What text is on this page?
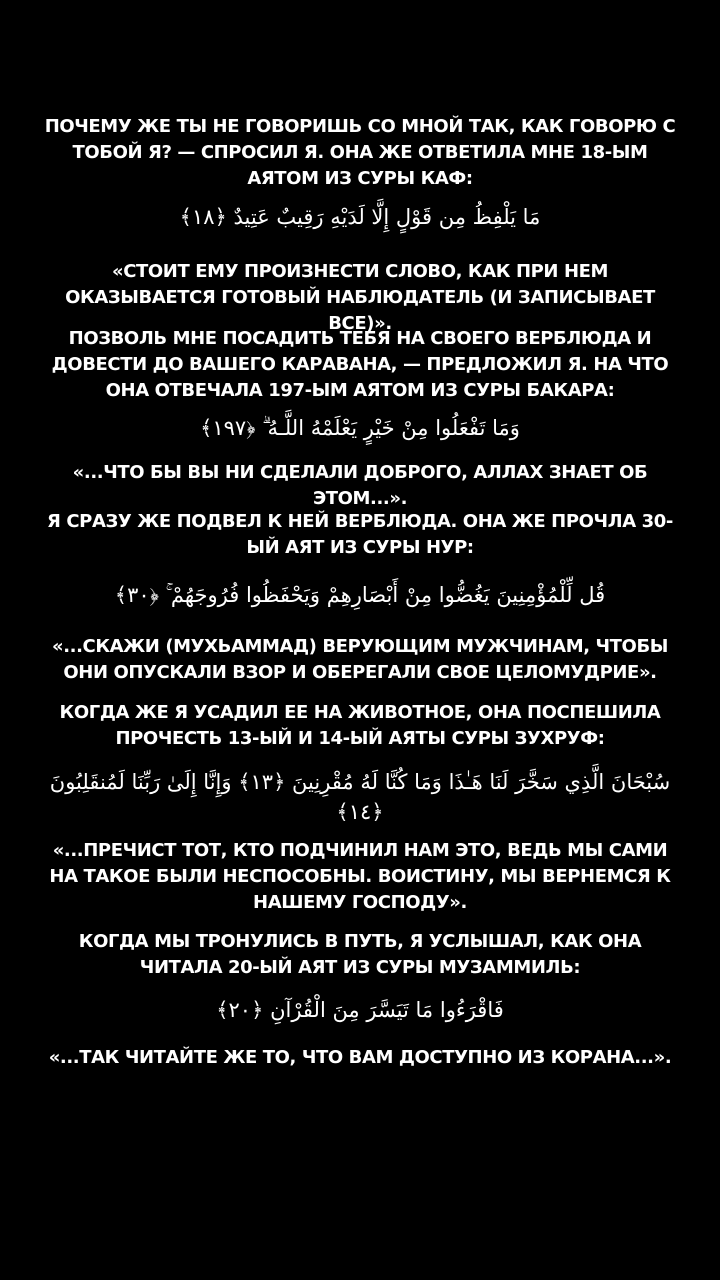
ПОЧЕМУ ЖЕ ТЫ НЕ ГОВОРИШЬ СО МНОЙ ТАК, КАК ГОВОРЮ С ТОБОЙ Я? — СПРОСИЛ Я. ОНА ЖЕ ОТВЕТИЛА МНЕ 18-ЫМ АЯТОМ ИЗ СУРЫ КАФ:

مَا يَلْفِظُ مِن قَوْلٍ إِلَّا لَدَيْهِ رَقِيبٌ عَتِيدٌ ﴿١٨﴾

«СТОИТ ЕМУ ПРОИЗНЕСТИ СЛОВО, КАК ПРИ НЕМ ОКАЗЫВАЕТСЯ ГОТОВЫЙ НАБЛЮДАТЕЛЬ (И ЗАПИСЫВАЕТ ВСЕ)».

ПОЗВОЛЬ МНЕ ПОСАДИТЬ ТЕБЯ НА СВОЕГО ВЕРБЛЮДА И ДОВЕСТИ ДО ВАШЕГО КАРАВАНА, — ПРЕДЛОЖИЛ Я. НА ЧТО ОНА ОТВЕЧАЛА 197-ЫМ АЯТОМ ИЗ СУРЫ БАКАРА:

وَمَا تَفْعَلُوا مِنْ خَيْرٍ يَعْلَمْهُ اللَّـهُ ۗ ﴿١٩٧﴾

«...ЧТО БЫ ВЫ НИ СДЕЛАЛИ ДОБРОГО, АЛЛАХ ЗНАЕТ ОБ ЭТОМ...».

Я СРАЗУ ЖЕ ПОДВЕЛ К НЕЙ ВЕРБЛЮДА. ОНА ЖЕ ПРОЧЛА 30-ЫЙ АЯТ ИЗ СУРЫ НУР:

قُل لِّلْمُؤْمِنِينَ يَغُضُّوا مِنْ أَبْصَارِهِمْ وَيَحْفَظُوا فُرُوجَهُمْ ۚ ﴿٣٠﴾

«...СКАЖИ (МУХЬАММАД) ВЕРУЮЩИМ МУЖЧИНАМ, ЧТОБЫ ОНИ ОПУСКАЛИ ВЗОР И ОБЕРЕГАЛИ СВОЕ ЦЕЛОМУДРИЕ».

КОГДА ЖЕ Я УСАДИЛ ЕЕ НА ЖИВОТНОЕ, ОНА ПОСПЕШИЛА ПРОЧЕСТЬ 13-ЫЙ И 14-ЫЙ АЯТЫ СУРЫ ЗУХРУФ:

سُبْحَانَ الَّذِي سَخَّرَ لَنَا هَـٰذَا وَمَا كُنَّا لَهُ مُقْرِنِينَ ﴿١٣﴾ وَإِنَّا إِلَىٰ رَبِّنَا لَمُنقَلِبُونَ ﴿١٤﴾

«...ПРЕЧИСТ ТОТ, КТО ПОДЧИНИЛ НАМ ЭТО, ВЕДЬ МЫ САМИ НА ТАКОЕ БЫЛИ НЕСПОСОБНЫ. ВОИСТИНУ, МЫ ВЕРНЕМСЯ К НАШЕМУ ГОСПОДУ».

КОГДА МЫ ТРОНУЛИСЬ В ПУТЬ, Я УСЛЫШАЛ, КАК ОНА ЧИТАЛА 20-ЫЙ АЯТ ИЗ СУРЫ МУЗАММИЛЬ:

فَاقْرَءُوا مَا تَيَسَّرَ مِنَ الْقُرْآنِ ﴿٢٠﴾

«...ТАК ЧИТАЙТЕ ЖЕ ТО, ЧТО ВАМ ДОСТУПНО ИЗ КОРАНА...».
